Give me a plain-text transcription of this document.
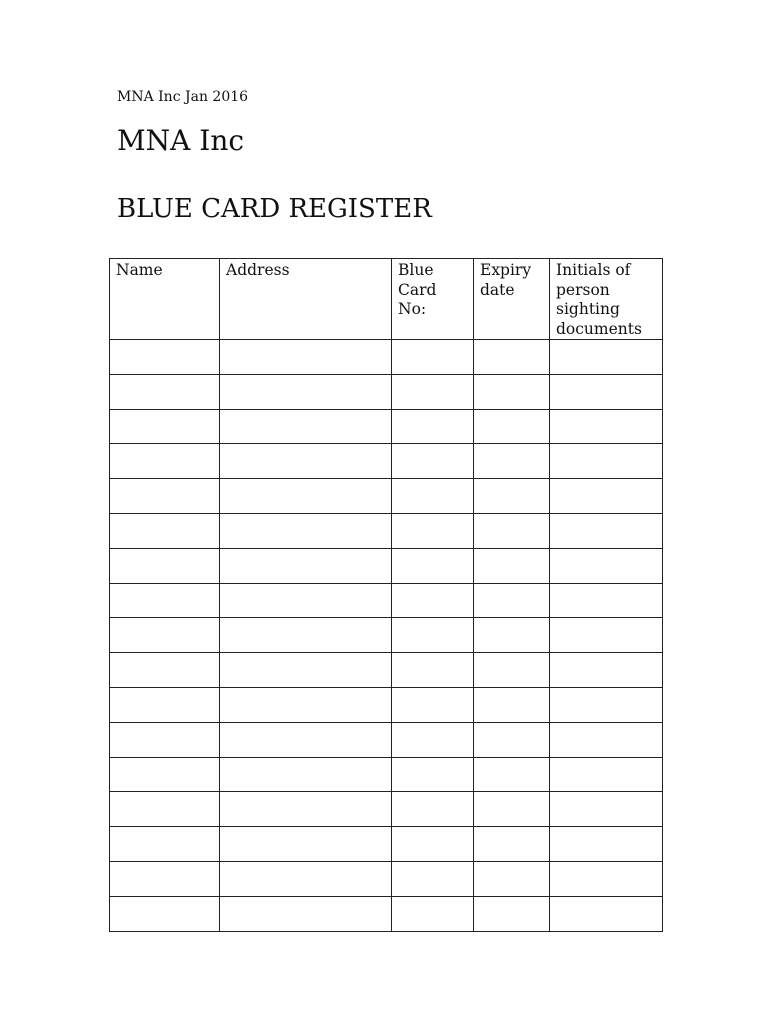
MNA Inc Jan 2016
MNA Inc
BLUE CARD REGISTER
Name	Address	Blue Card No:	Expiry date	Initials of person sighting documents
